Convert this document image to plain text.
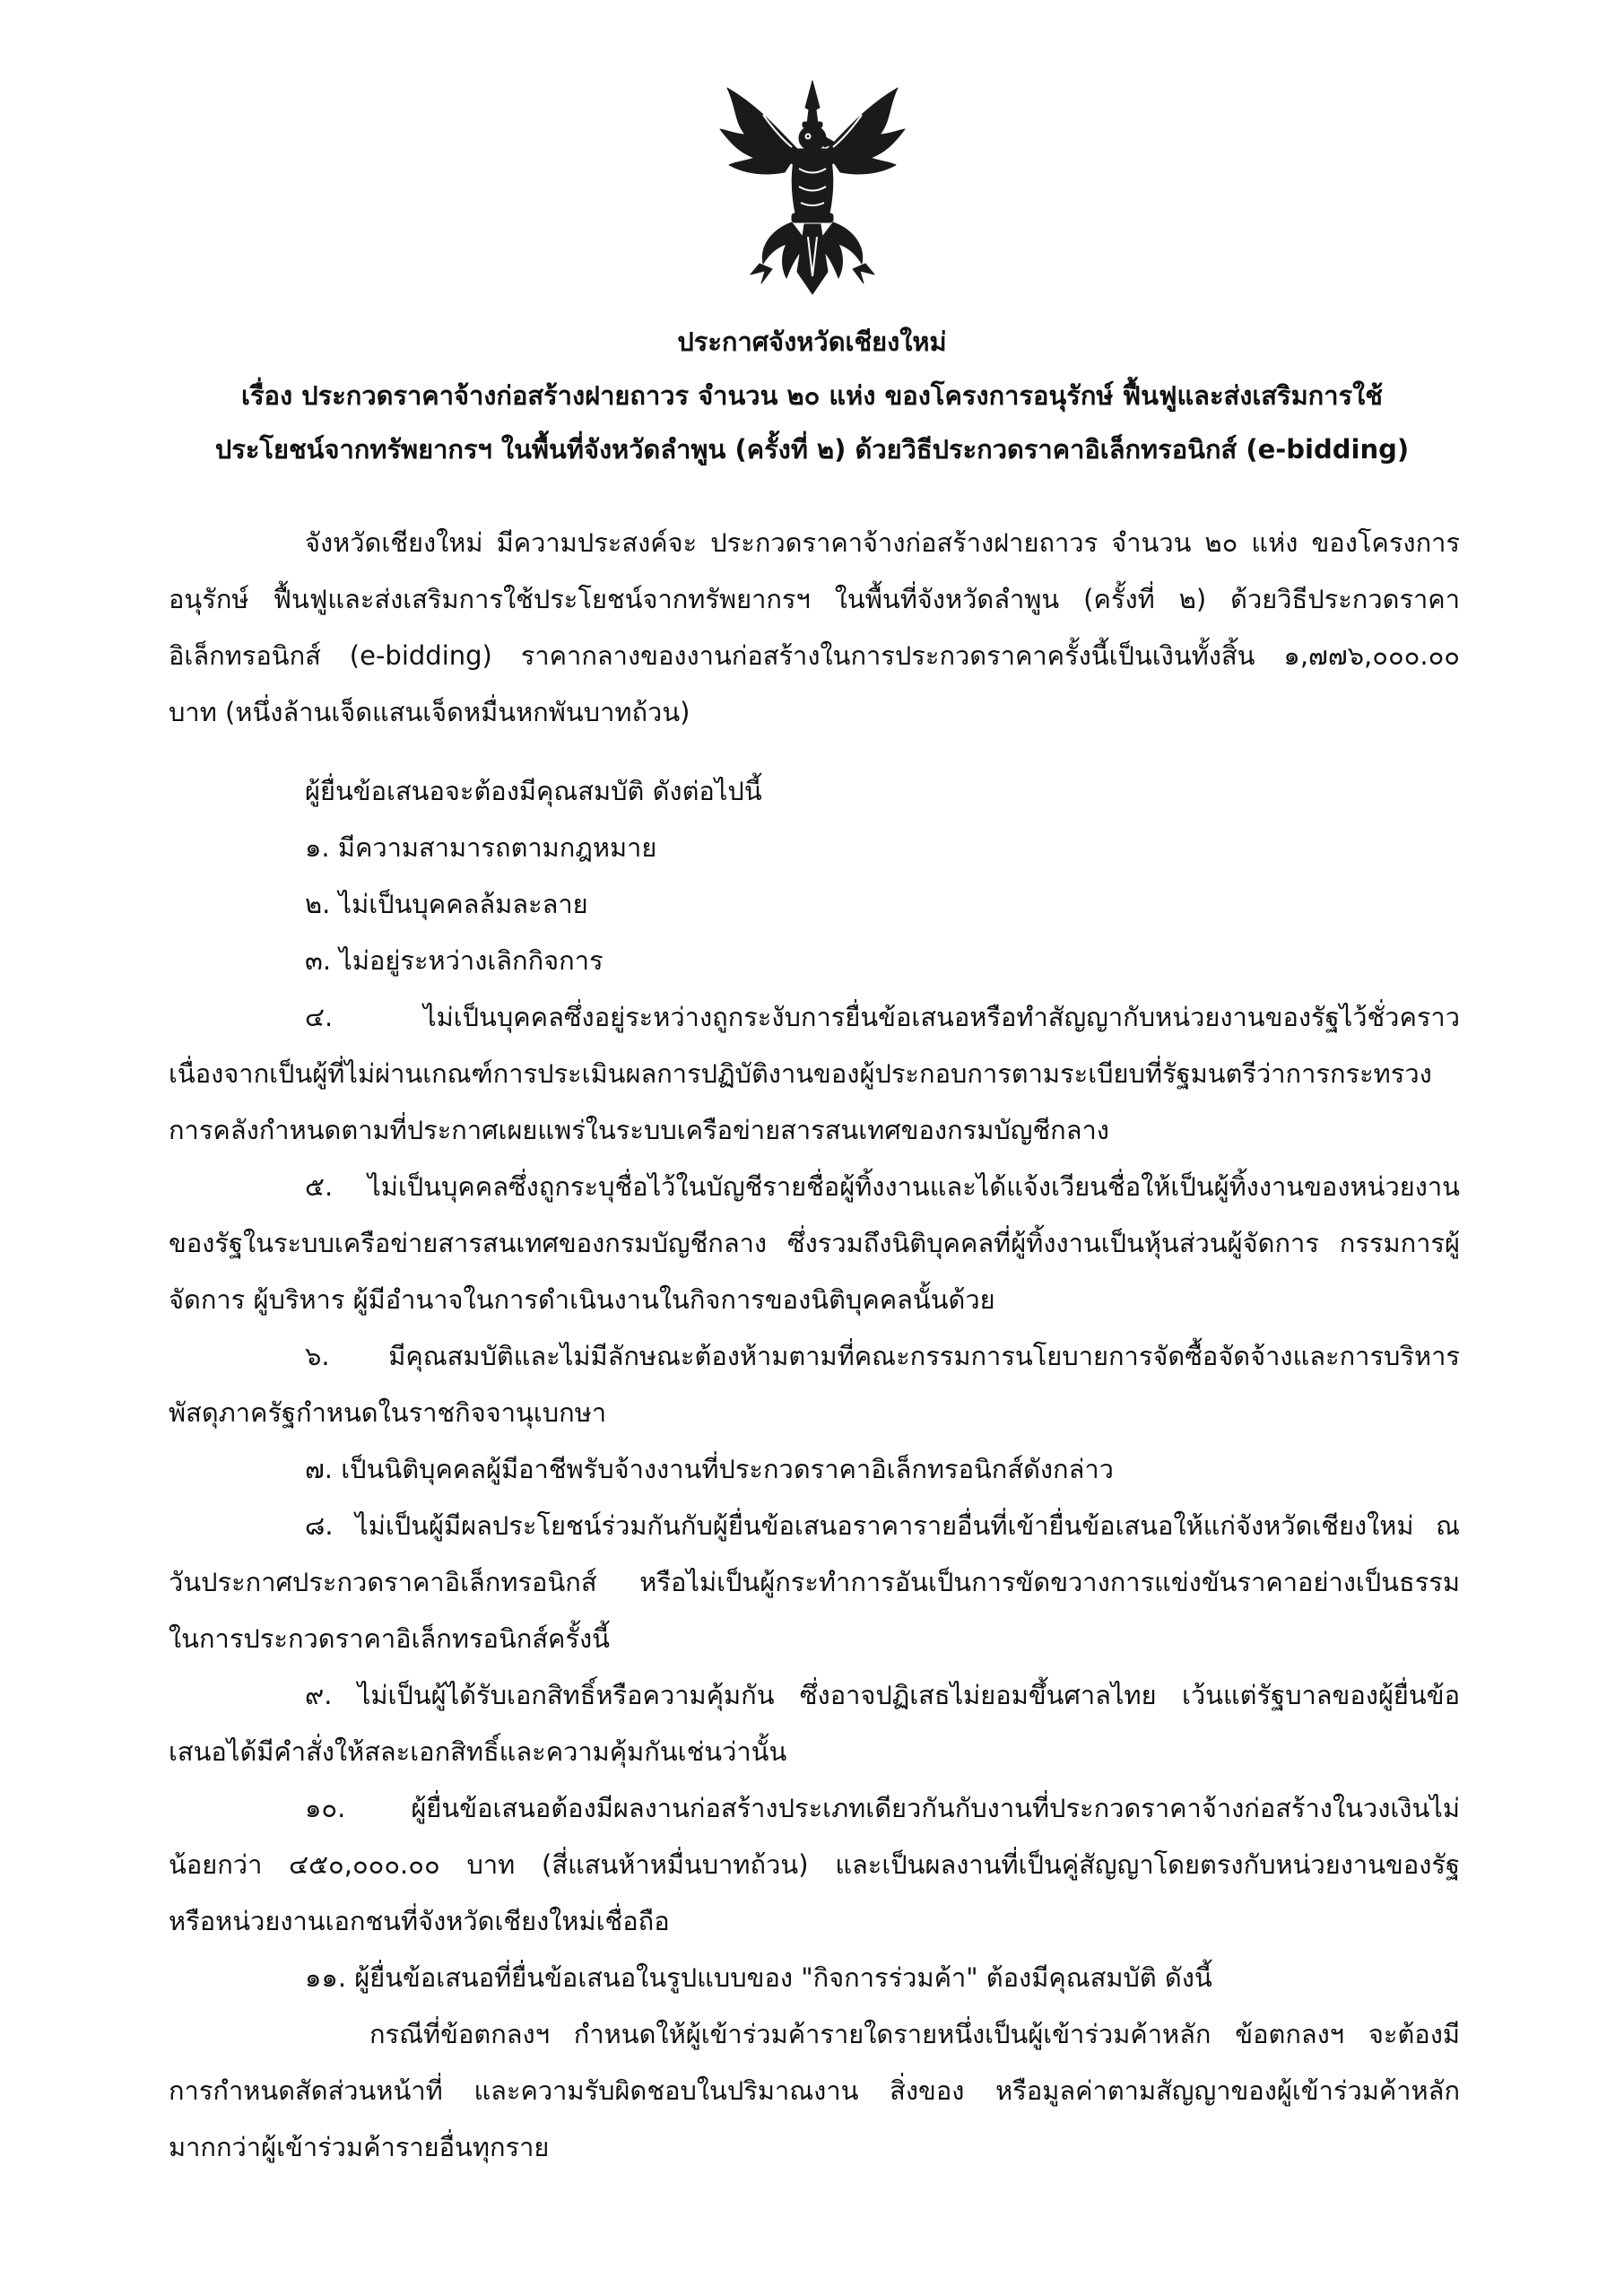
ประกาศจังหวัดเชียงใหม่
เรื่อง ประกวดราคาจ้างก่อสร้างฝายถาวร จำนวน ๒๐ แห่ง ของโครงการอนุรักษ์ ฟื้นฟูและส่งเสริมการใช้
ประโยชน์จากทรัพยากรฯ ในพื้นที่จังหวัดลำพูน (ครั้งที่ ๒) ด้วยวิธีประกวดราคาอิเล็กทรอนิกส์ (e-bidding)
จังหวัดเชียงใหม่ มีความประสงค์จะ ประกวดราคาจ้างก่อสร้างฝายถาวร จำนวน ๒๐ แห่ง ของโครงการ
อนุรักษ์ ฟื้นฟูและส่งเสริมการใช้ประโยชน์จากทรัพยากรฯ ในพื้นที่จังหวัดลำพูน (ครั้งที่ ๒) ด้วยวิธีประกวดราคา
อิเล็กทรอนิกส์ (e-bidding) ราคากลางของงานก่อสร้างในการประกวดราคาครั้งนี้เป็นเงินทั้งสิ้น ๑,๗๗๖,๐๐๐.๐๐
บาท (หนึ่งล้านเจ็ดแสนเจ็ดหมื่นหกพันบาทถ้วน)
ผู้ยื่นข้อเสนอจะต้องมีคุณสมบัติ ดังต่อไปนี้
๑. มีความสามารถตามกฎหมาย
๒. ไม่เป็นบุคคลล้มละลาย
๓. ไม่อยู่ระหว่างเลิกกิจการ
๔. ไม่เป็นบุคคลซึ่งอยู่ระหว่างถูกระงับการยื่นข้อเสนอหรือทำสัญญากับหน่วยงานของรัฐไว้ชั่วคราว
เนื่องจากเป็นผู้ที่ไม่ผ่านเกณฑ์การประเมินผลการปฏิบัติงานของผู้ประกอบการตามระเบียบที่รัฐมนตรีว่าการกระทรวง
การคลังกำหนดตามที่ประกาศเผยแพร่ในระบบเครือข่ายสารสนเทศของกรมบัญชีกลาง
๕. ไม่เป็นบุคคลซึ่งถูกระบุชื่อไว้ในบัญชีรายชื่อผู้ทิ้งงานและได้แจ้งเวียนชื่อให้เป็นผู้ทิ้งงานของหน่วยงาน
ของรัฐในระบบเครือข่ายสารสนเทศของกรมบัญชีกลาง ซึ่งรวมถึงนิติบุคคลที่ผู้ทิ้งงานเป็นหุ้นส่วนผู้จัดการ กรรมการผู้
จัดการ ผู้บริหาร ผู้มีอำนาจในการดำเนินงานในกิจการของนิติบุคคลนั้นด้วย
๖. มีคุณสมบัติและไม่มีลักษณะต้องห้ามตามที่คณะกรรมการนโยบายการจัดซื้อจัดจ้างและการบริหาร
พัสดุภาครัฐกำหนดในราชกิจจานุเบกษา
๗. เป็นนิติบุคคลผู้มีอาชีพรับจ้างงานที่ประกวดราคาอิเล็กทรอนิกส์ดังกล่าว
๘. ไม่เป็นผู้มีผลประโยชน์ร่วมกันกับผู้ยื่นข้อเสนอราคารายอื่นที่เข้ายื่นข้อเสนอให้แก่จังหวัดเชียงใหม่ ณ
วันประกาศประกวดราคาอิเล็กทรอนิกส์ หรือไม่เป็นผู้กระทำการอันเป็นการขัดขวางการแข่งขันราคาอย่างเป็นธรรม
ในการประกวดราคาอิเล็กทรอนิกส์ครั้งนี้
๙. ไม่เป็นผู้ได้รับเอกสิทธิ์หรือความคุ้มกัน ซึ่งอาจปฏิเสธไม่ยอมขึ้นศาลไทย เว้นแต่รัฐบาลของผู้ยื่นข้อ
เสนอได้มีคำสั่งให้สละเอกสิทธิ์และความคุ้มกันเช่นว่านั้น
๑๐. ผู้ยื่นข้อเสนอต้องมีผลงานก่อสร้างประเภทเดียวกันกับงานที่ประกวดราคาจ้างก่อสร้างในวงเงินไม่
น้อยกว่า ๔๕๐,๐๐๐.๐๐ บาท (สี่แสนห้าหมื่นบาทถ้วน) และเป็นผลงานที่เป็นคู่สัญญาโดยตรงกับหน่วยงานของรัฐ
หรือหน่วยงานเอกชนที่จังหวัดเชียงใหม่เชื่อถือ
๑๑. ผู้ยื่นข้อเสนอที่ยื่นข้อเสนอในรูปแบบของ "กิจการร่วมค้า" ต้องมีคุณสมบัติ ดังนี้
กรณีที่ข้อตกลงฯ กำหนดให้ผู้เข้าร่วมค้ารายใดรายหนึ่งเป็นผู้เข้าร่วมค้าหลัก ข้อตกลงฯ จะต้องมี
การกำหนดสัดส่วนหน้าที่ และความรับผิดชอบในปริมาณงาน สิ่งของ หรือมูลค่าตามสัญญาของผู้เข้าร่วมค้าหลัก
มากกว่าผู้เข้าร่วมค้ารายอื่นทุกราย
